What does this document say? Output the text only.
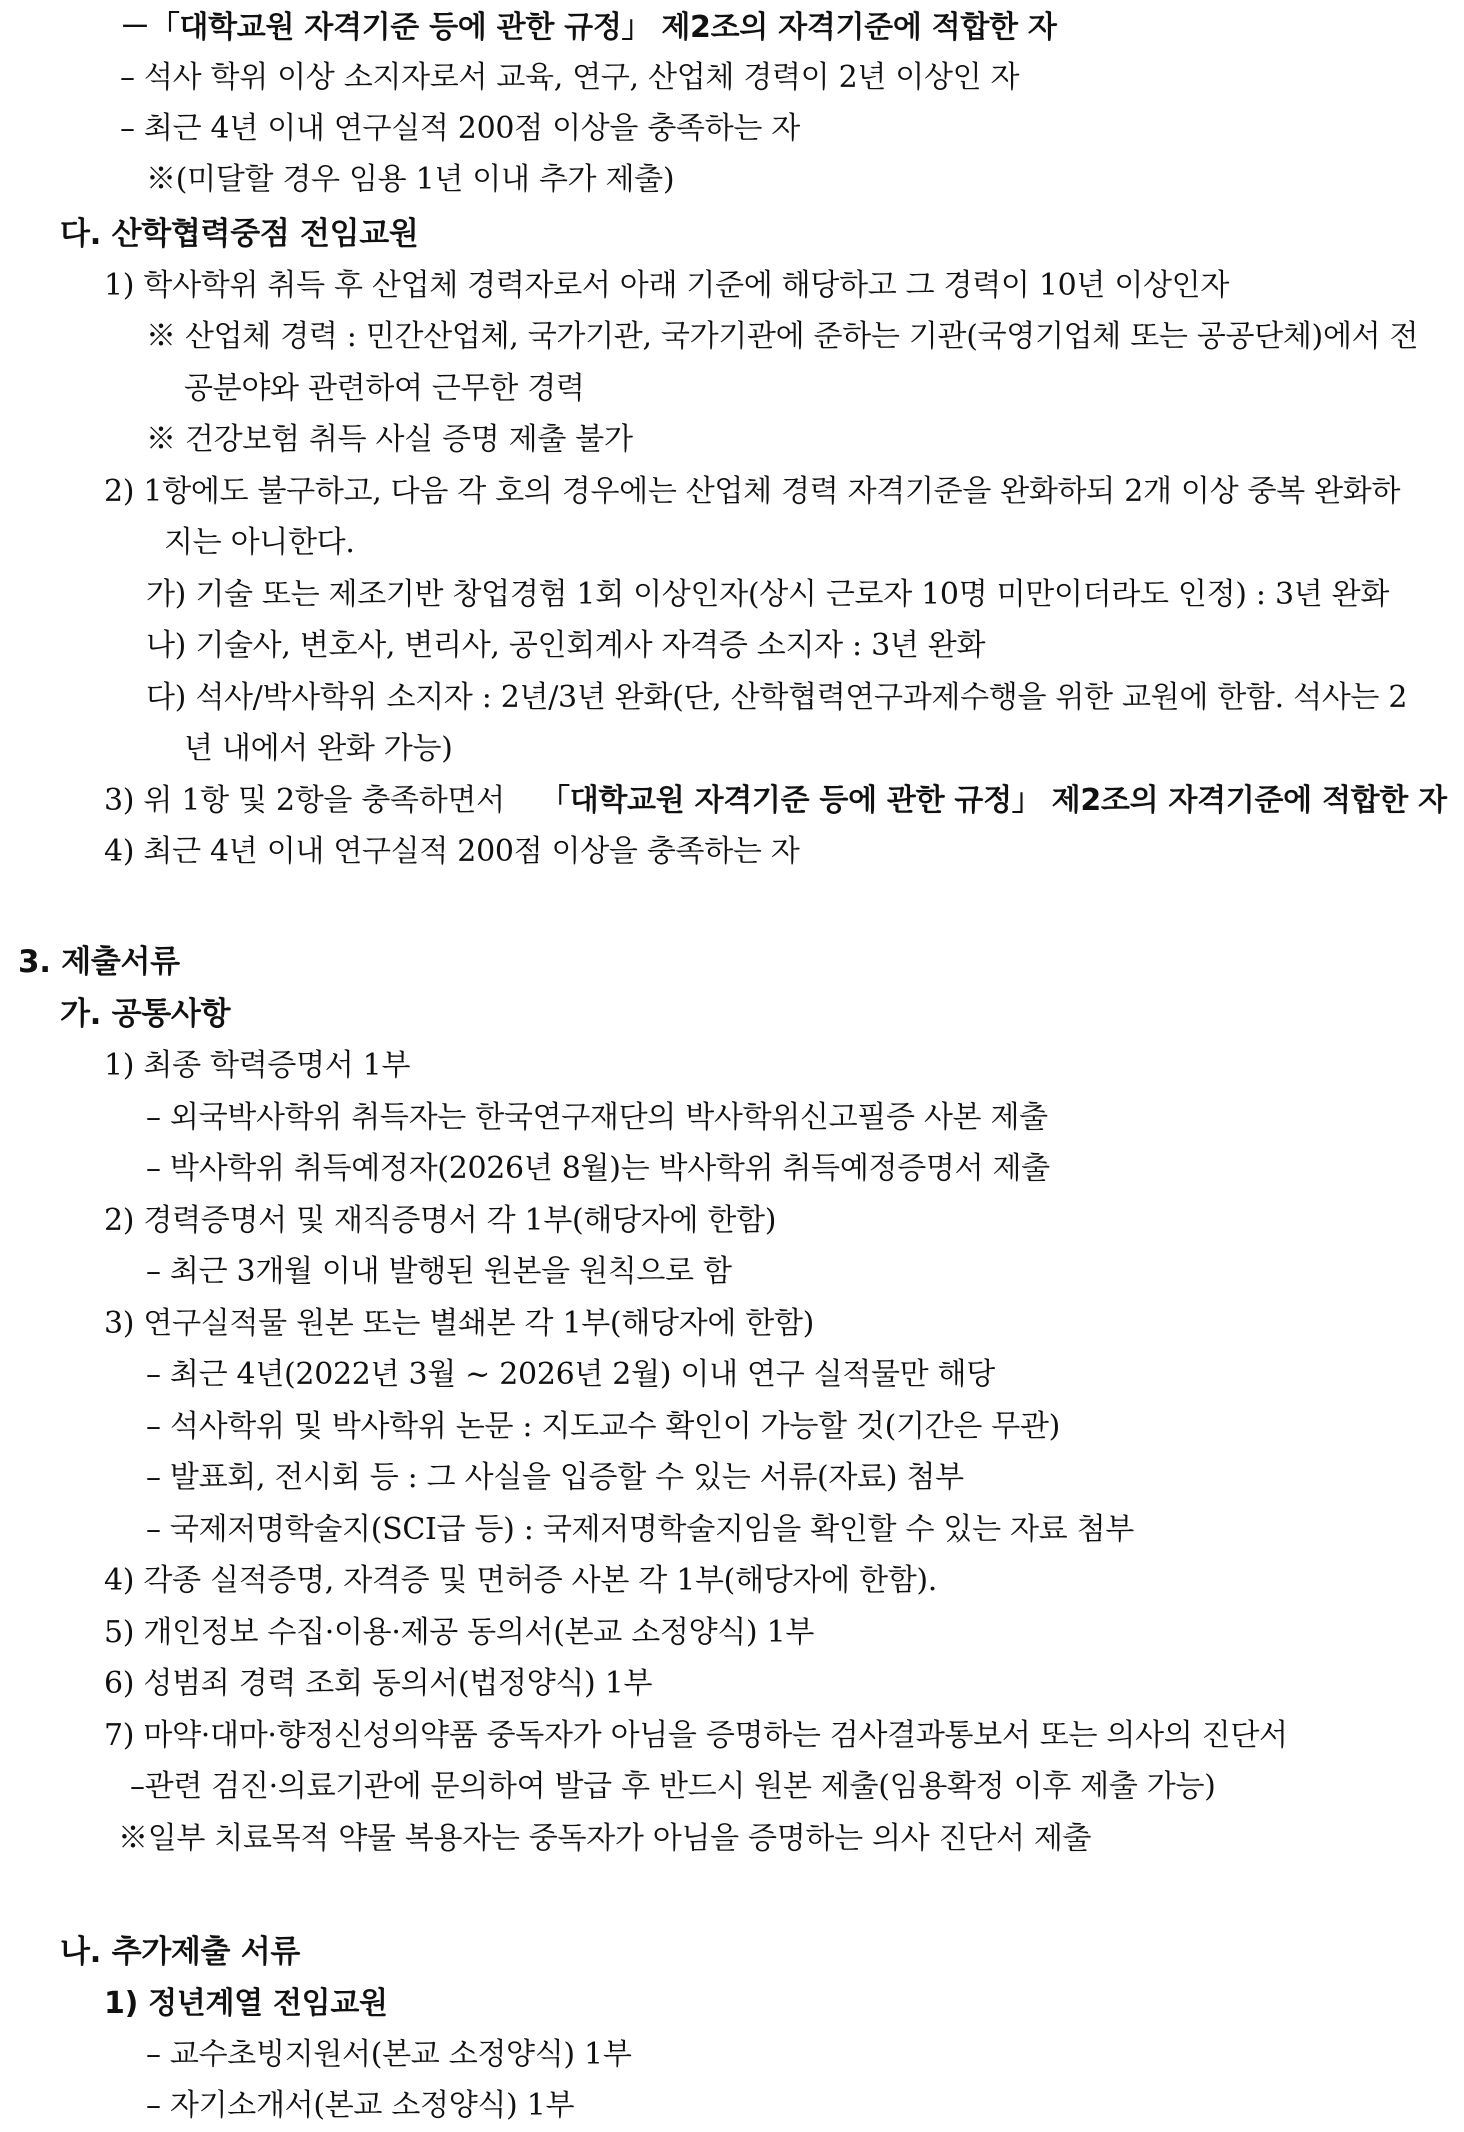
－「대학교원 자격기준 등에 관한 규정」 제2조의 자격기준에 적합한 자
– 석사 학위 이상 소지자로서 교육, 연구, 산업체 경력이 2년 이상인 자
– 최근 4년 이내 연구실적 200점 이상을 충족하는 자
※(미달할 경우 임용 1년 이내 추가 제출)
다. 산학협력중점 전임교원
1) 학사학위 취득 후 산업체 경력자로서 아래 기준에 해당하고 그 경력이 10년 이상인자
※ 산업체 경력 : 민간산업체, 국가기관, 국가기관에 준하는 기관(국영기업체 또는 공공단체)에서 전
공분야와 관련하여 근무한 경력
※ 건강보험 취득 사실 증명 제출 불가
2) 1항에도 불구하고, 다음 각 호의 경우에는 산업체 경력 자격기준을 완화하되 2개 이상 중복 완화하
지는 아니한다.
가) 기술 또는 제조기반 창업경험 1회 이상인자(상시 근로자 10명 미만이더라도 인정) : 3년 완화
나) 기술사, 변호사, 변리사, 공인회계사 자격증 소지자 : 3년 완화
다) 석사/박사학위 소지자 : 2년/3년 완화(단, 산학협력연구과제수행을 위한 교원에 한함. 석사는 2
년 내에서 완화 가능)
3) 위 1항 및 2항을 충족하면서 「대학교원 자격기준 등에 관한 규정」 제2조의 자격기준에 적합한 자
4) 최근 4년 이내 연구실적 200점 이상을 충족하는 자
3. 제출서류
가. 공통사항
1) 최종 학력증명서 1부
– 외국박사학위 취득자는 한국연구재단의 박사학위신고필증 사본 제출
– 박사학위 취득예정자(2026년 8월)는 박사학위 취득예정증명서 제출
2) 경력증명서 및 재직증명서 각 1부(해당자에 한함)
– 최근 3개월 이내 발행된 원본을 원칙으로 함
3) 연구실적물 원본 또는 별쇄본 각 1부(해당자에 한함)
– 최근 4년(2022년 3월 ~ 2026년 2월) 이내 연구 실적물만 해당
– 석사학위 및 박사학위 논문 : 지도교수 확인이 가능할 것(기간은 무관)
– 발표회, 전시회 등 : 그 사실을 입증할 수 있는 서류(자료) 첨부
– 국제저명학술지(SCI급 등) : 국제저명학술지임을 확인할 수 있는 자료 첨부
4) 각종 실적증명, 자격증 및 면허증 사본 각 1부(해당자에 한함).
5) 개인정보 수집·이용·제공 동의서(본교 소정양식) 1부
6) 성범죄 경력 조회 동의서(법정양식) 1부
7) 마약·대마·향정신성의약품 중독자가 아님을 증명하는 검사결과통보서 또는 의사의 진단서
–관련 검진·의료기관에 문의하여 발급 후 반드시 원본 제출(임용확정 이후 제출 가능)
※일부 치료목적 약물 복용자는 중독자가 아님을 증명하는 의사 진단서 제출
나. 추가제출 서류
1) 정년계열 전임교원
– 교수초빙지원서(본교 소정양식) 1부
– 자기소개서(본교 소정양식) 1부
